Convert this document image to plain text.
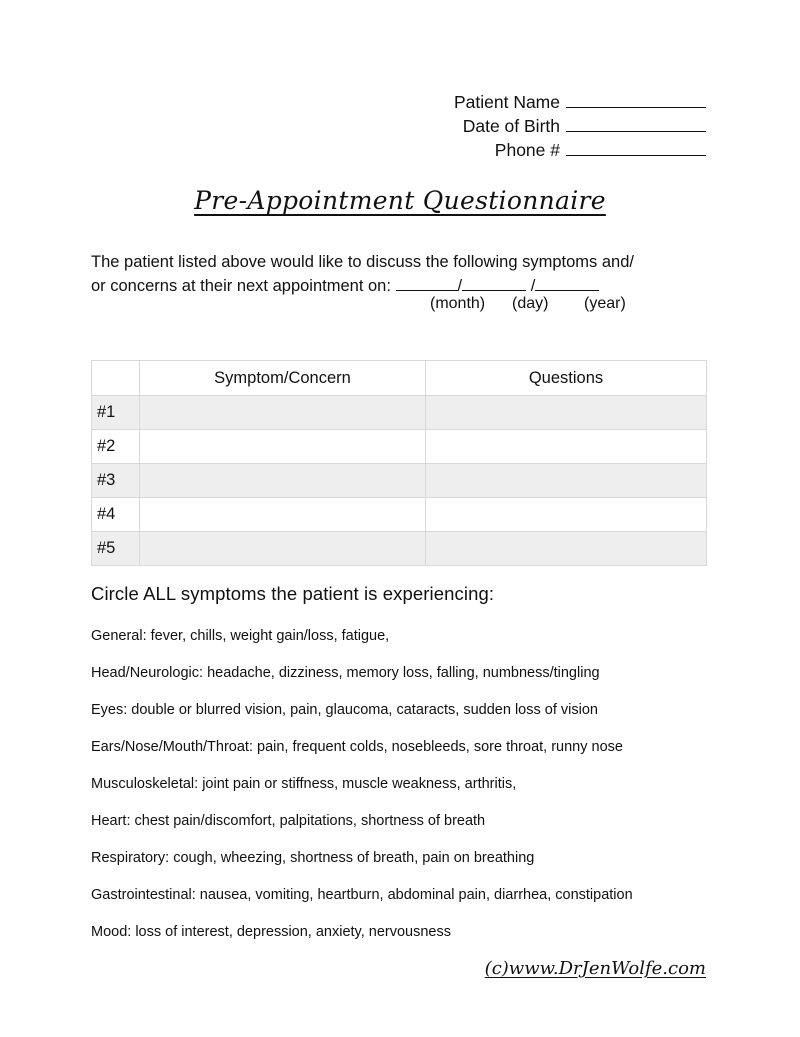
Patient Name
Date of Birth
Phone #
Pre-Appointment Questionnaire
The patient listed above would like to discuss the following symptoms and/
or concerns at their next appointment on:	/	/
(month) (day) (year)
	Symptom/Concern	Questions
#1		
#2		
#3		
#4		
#5		
Circle ALL symptoms the patient is experiencing:
General: fever, chills, weight gain/loss, fatigue,
Head/Neurologic: headache, dizziness, memory loss, falling, numbness/tingling
Eyes: double or blurred vision, pain, glaucoma, cataracts, sudden loss of vision
Ears/Nose/Mouth/Throat: pain, frequent colds, nosebleeds, sore throat, runny nose
Musculoskeletal: joint pain or stiffness, muscle weakness, arthritis,
Heart: chest pain/discomfort, palpitations, shortness of breath
Respiratory: cough, wheezing, shortness of breath, pain on breathing
Gastrointestinal: nausea, vomiting, heartburn, abdominal pain, diarrhea, constipation
Mood: loss of interest, depression, anxiety, nervousness
(c)www.DrJenWolfe.com
